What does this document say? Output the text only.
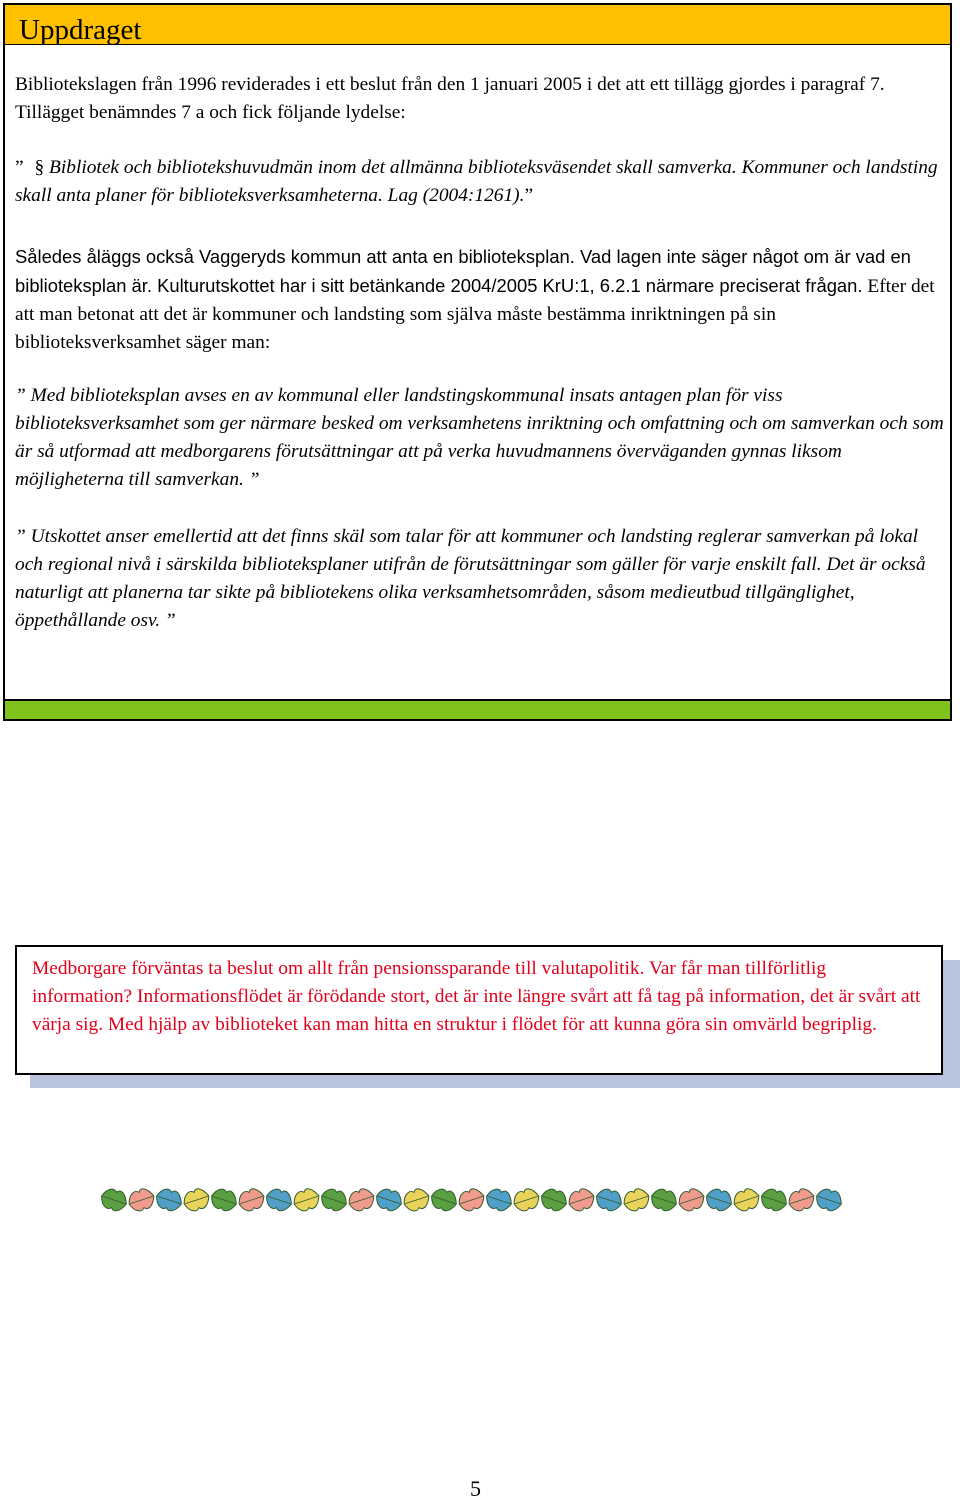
Uppdraget
Bibliotekslagen från 1996 reviderades i ett beslut från den 1 januari 2005 i det att ett tillägg gjordes i paragraf 7. Tillägget benämndes 7 a och fick följande lydelse:
” § Bibliotek och bibliotekshuvudmän inom det allmänna biblioteksväsendet skall samverka. Kommuner och landsting skall anta planer för biblioteksverksamheterna. Lag (2004:1261).”
Således åläggs också Vaggeryds kommun att anta en biblioteksplan. Vad lagen inte säger något om är vad en biblioteksplan är. Kulturutskottet har i sitt betänkande 2004/2005 KrU:1, 6.2.1 närmare preciserat frågan. Efter det att man betonat att det är kommuner och landsting som själva måste bestämma inriktningen på sin biblioteksverksamhet säger man:
” Med biblioteksplan avses en av kommunal eller landstingskommunal insats antagen plan för viss biblioteksverksamhet som ger närmare besked om verksamhetens inriktning och omfattning och om samverkan och som är så utformad att medborgarens förutsättningar att på verka huvudmannens överväganden gynnas liksom möjligheterna till samverkan. ”
” Utskottet anser emellertid att det finns skäl som talar för att kommuner och landsting reglerar samverkan på lokal och regional nivå i särskilda biblioteksplaner utifrån de förutsättningar som gäller för varje enskilt fall. Det är också naturligt att planerna tar sikte på bibliotekens olika verksamhetsområden, såsom medieutbud tillgänglighet, öppethållande osv. ”
Medborgare förväntas ta beslut om allt från pensionssparande till valutapolitik. Var får man tillförlitlig information? Informationsflödet är förödande stort, det är inte längre svårt att få tag på information, det är svårt att värja sig. Med hjälp av biblioteket kan man hitta en struktur i flödet för att kunna göra sin omvärld begriplig.
5
